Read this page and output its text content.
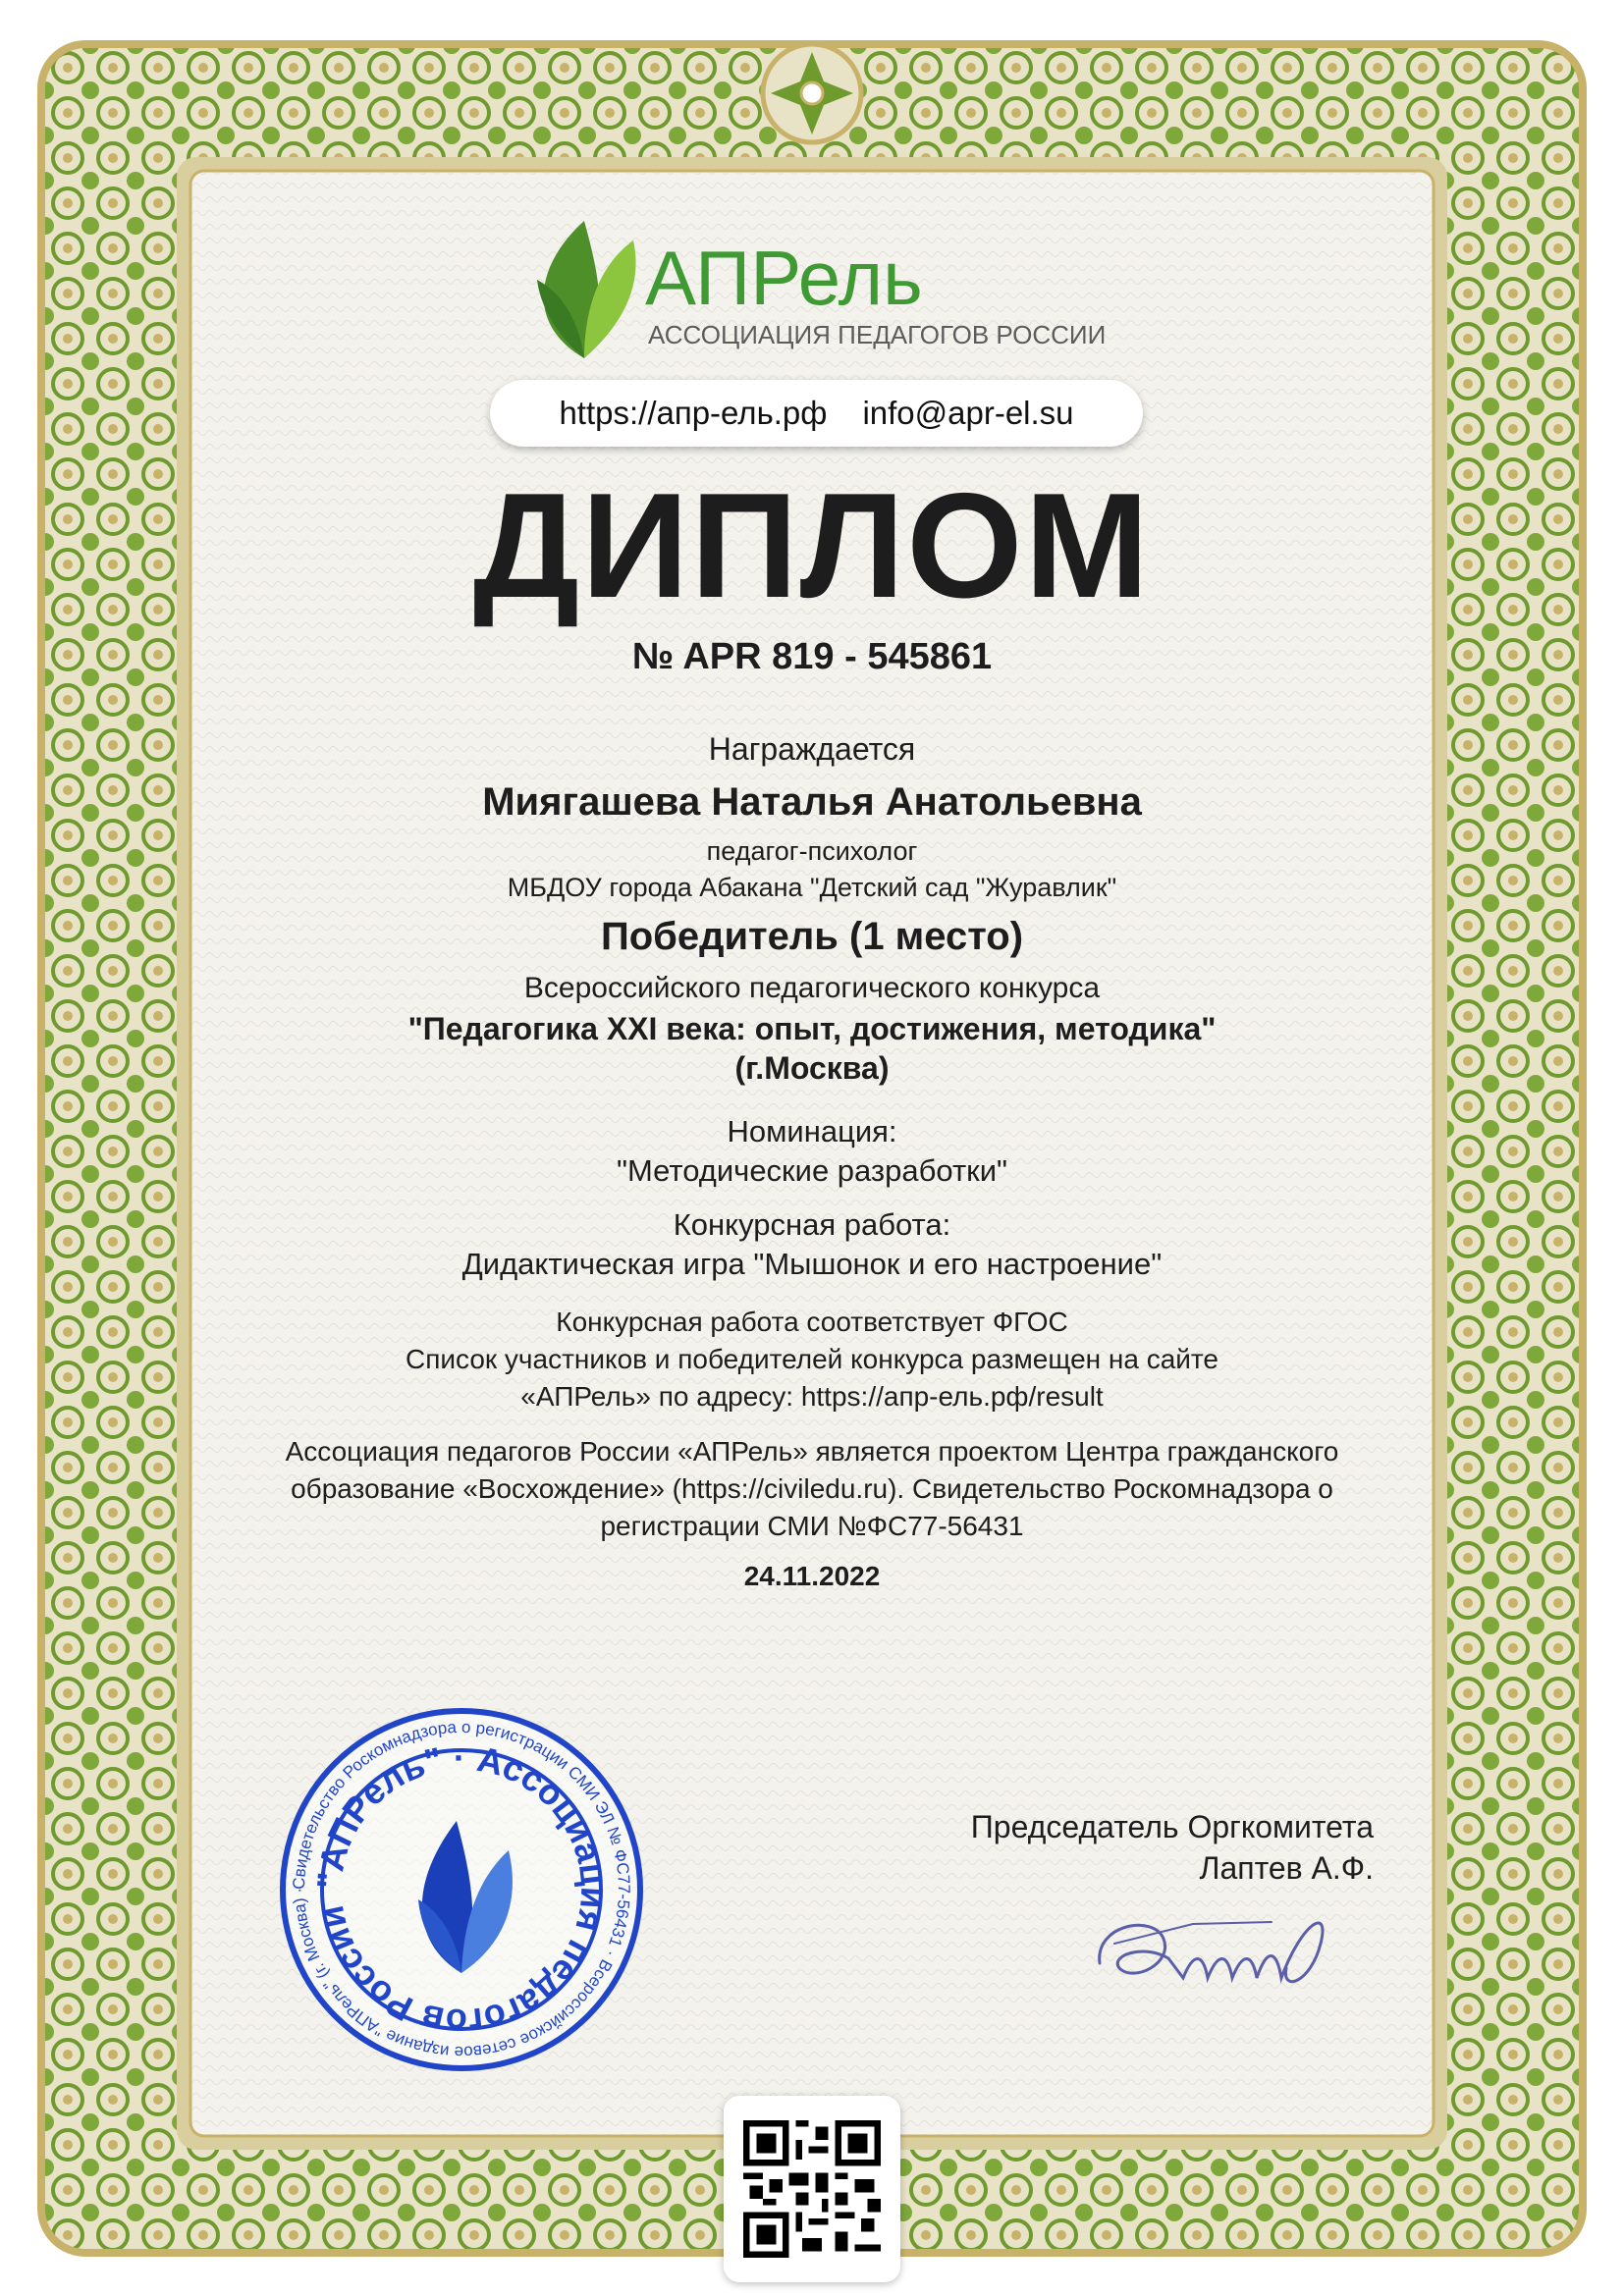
АПРель
АССОЦИАЦИЯ ПЕДАГОГОВ РОССИИ
https://апр-ель.рф info@apr-el.su
ДИПЛОМ
№ APR 819 - 545861
Награждается
Миягашева Наталья Анатольевна
педагог-психолог
МБДОУ города Абакана "Детский сад "Журавлик"
Победитель (1 место)
Всероссийского педагогического конкурса
"Педагогика XXI века: опыт, достижения, методика"
(г.Москва)
Номинация:
"Методические разработки"
Конкурсная работа:
Дидактическая игра "Мышонок и его настроение"
Конкурсная работа соответствует ФГОС
Список участников и победителей конкурса размещен на сайте
«АПРель» по адресу: https://апр-ель.рф/result
Ассоциация педагогов России «АПРель» является проектом Центра гражданского
образование «Восхождение» (https://civiledu.ru). Свидетельство Роскомнадзора о
регистрации СМИ №ФС77-56431
24.11.2022
Свидетельство Роскомнадзора о регистрации СМИ ЭЛ № ФС77-56431 · Всероссийское сетевое издание "АПРель" (г. Москва) ·
"АПРель" · Ассоциация педагогов России
Председатель Оргкомитета
Лаптев А.Ф.
